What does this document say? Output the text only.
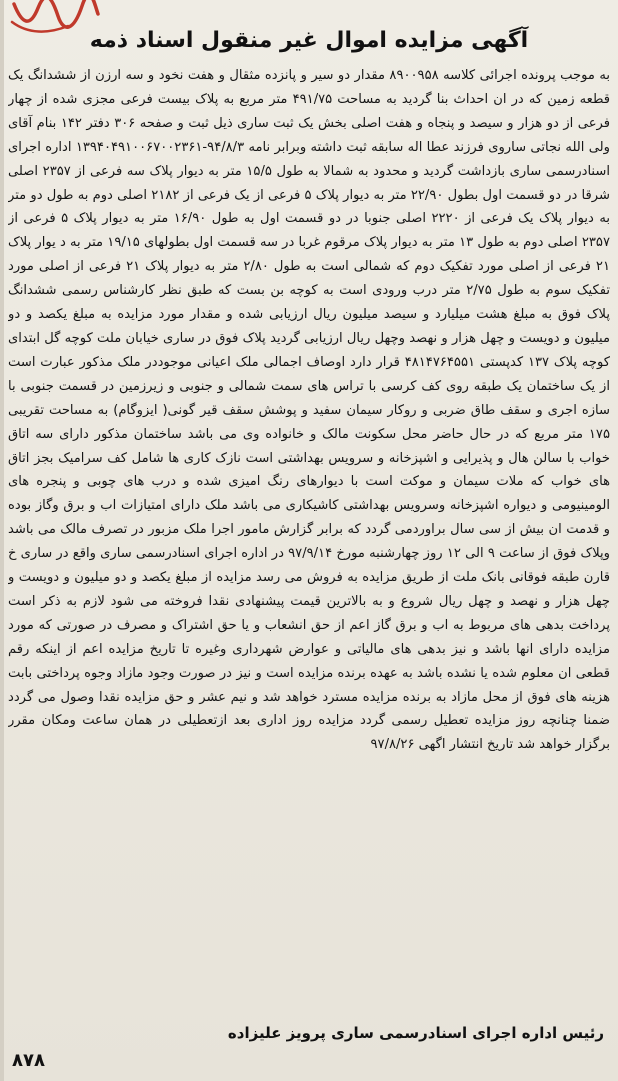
آگهی مزایده اموال غیر منقول اسناد ذمه
به موجب پرونده اجرائی کلاسه ۸۹۰۰۹۵۸ مقدار دو سیر و پانزده مثقال و هفت نخود و سه ارزن از ششدانگ یک قطعه زمین که در ان احداث بنا گردید به مساحت ۴۹۱/۷۵ متر مربع به پلاک بیست فرعی مجزی شده از چهار فرعی از دو هزار و سیصد و پنجاه و هفت اصلی بخش یک ثبت ساری ذیل ثبت و صفحه ۳۰۶ دفتر ۱۴۲ بنام آقای ولی الله نجاتی ساروی فرزند عطا اله سابقه ثبت داشته وبرابر نامه ۹۴/۸/۳-۱۳۹۴۰۴۹۱۰۰۶۷۰۰۲۳۶۱ اداره اجرای اسنادرسمی ساری بازداشت گردید و محدود به شمالا به طول ۱۵/۵ متر به دیوار پلاک سه فرعی از ۲۳۵۷ اصلی شرقا در دو قسمت اول بطول ۲۲/۹۰ متر به دیوار پلاک ۵ فرعی از یک فرعی از ۲۱۸۲ اصلی دوم به طول دو متر به دیوار پلاک یک فرعی از ۲۲۲۰ اصلی جنوبا در دو قسمت اول به طول ۱۶/۹۰ متر به دیوار پلاک ۵ فرعی از ۲۳۵۷ اصلی دوم به طول ۱۳ متر به دیوار پلاک مرقوم غربا در سه قسمت اول بطولهای ۱۹/۱۵ متر به د یوار پلاک ۲۱ فرعی از اصلی مورد تفکیک دوم که شمالی است به طول ۲/۸۰ متر به دیوار پلاک ۲۱ فرعی از اصلی مورد تفکیک سوم به طول ۲/۷۵ متر درب ورودی است به کوچه بن بست که طبق نظر کارشناس رسمی ششدانگ پلاک فوق به مبلغ هشت میلیارد و سیصد میلیون ریال ارزیابی شده و مقدار مورد مزایده به مبلغ یکصد و دو میلیون و دویست و چهل هزار و نهصد وچهل ریال ارزیابی گردید پلاک فوق در ساری خیابان ملت کوچه گل ابتدای کوچه پلاک ۱۳۷ کدپستی ۴۸۱۴۷۶۴۵۵۱ قرار دارد اوصاف اجمالی ملک اعیانی موجوددر ملک مذکور عبارت است از یک ساختمان یک طبقه روی کف کرسی با تراس های سمت شمالی و جنوبی و زیرزمین در قسمت جنوبی با سازه اجری و سقف طاق ضربی و روکار سیمان سفید و پوشش سقف قیر گونی( ایزوگام) به مساحت تقریبی ۱۷۵ متر مربع که در حال حاضر محل سکونت مالک و خانواده وی می باشد ساختمان مذکور دارای سه اتاق خواب با سالن هال و پذیرایی و اشپزخانه و سرویس بهداشتی است نازک کاری ها شامل کف سرامیک بجز اتاق های خواب که ملات سیمان و موکت است با دیوارهای رنگ امیزی شده و درب های چوبی و پنجره های الومینیومی و دیواره اشپزخانه وسرویس بهداشتی کاشیکاری می باشد ملک دارای امتیازات اب و برق وگاز بوده و قدمت ان بیش از سی سال براوردمی گردد که برابر گزارش مامور اجرا ملک مزبور در تصرف مالک می باشد وپلاک فوق از ساعت ۹ الی ۱۲ روز چهارشنبه مورخ ۹۷/۹/۱۴ در اداره اجرای اسنادرسمی ساری واقع در ساری خ قارن طبقه فوقانی بانک ملت از طریق مزایده به فروش می رسد مزایده از مبلغ یکصد و دو میلیون و دویست و چهل هزار و نهصد و چهل ریال شروع و به بالاترین قیمت پیشنهادی نقدا فروخته می شود لازم به ذکر است پرداخت بدهی های مربوط به اب و برق گاز اعم از حق انشعاب و یا حق اشتراک و مصرف در صورتی که مورد مزایده دارای انها باشد و نیز بدهی های مالیاتی و عوارض شهرداری وغیره تا تاریخ مزایده اعم از اینکه رقم قطعی ان معلوم شده یا نشده باشد به عهده برنده مزایده است و نیز در صورت وجود مازاد وجوه پرداختی بابت هزینه های فوق از محل مازاد به برنده مزایده مسترد خواهد شد و نیم عشر و حق مزایده نقدا وصول می گردد ضمنا چنانچه روز مزایده تعطیل رسمی گردد مزایده روز اداری بعد ازتعطیلی در همان ساعت ومکان مقرر برگزار خواهد شد تاریخ انتشار اگهی ۹۷/۸/۲۶
رئیس اداره اجرای اسنادرسمی ساری پرویز علیزاده
۸۷۸
